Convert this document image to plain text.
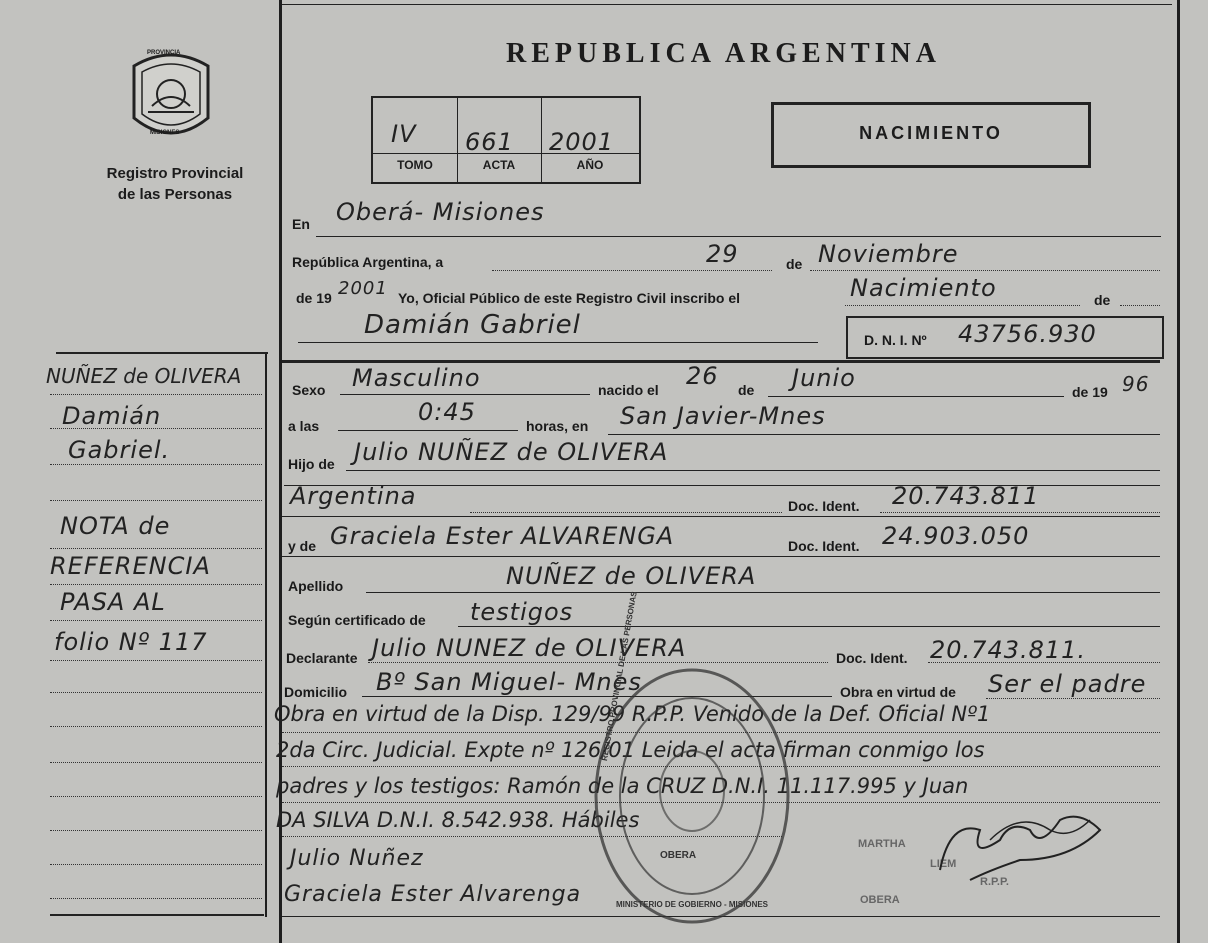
PROVINCIA
MISIONES
Registro Provincial
de las Personas
REPUBLICA ARGENTINA
IV 661 2001
TOMO	ACTA	AÑO
NACIMIENTO
En Oberá- Misiones
República Argentina, a	29	de Noviembre
de 19 2001 Yo, Oficial Público de este Registro Civil inscribo el	Nacimiento	de
Damián Gabriel	D. N. I. Nº 43756.930
Sexo Masculino	nacido el 26 de Junio	de 19 96
a las	0:45	horas, en San Javier-Mnes
Hijo de Julio NUÑEZ de OLIVERA
Argentina	Doc. Ident. 20.743.811
y de Graciela Ester ALVARENGA	Doc. Ident. 24.903.050
Apellido	NUÑEZ de OLIVERA
Según certificado de testigos
Declarante Julio NUNEZ de OLIVERA	Doc. Ident. 20.743.811.
Domicilio Bº San Miguel- Mnes	Obra en virtud de Ser el padre
Obra en virtud de la Disp. 129/99 R.P.P. Venido de la Def. Oficial Nº1
2da Circ. Judicial. Expte nº 126/01 Leida el acta firman conmigo los
padres y los testigos: Ramón de la CRUZ D.N.I. 11.117.995 y Juan
DA SILVA D.N.I. 8.542.938. Hábiles
Julio Nuñez
Graciela Ester Alvarenga
MARTHA
LIEM
R.P.P.
OBERA
OBERA
REGISTRO PROVINCIAL DE LAS PERSONAS
MINISTERIO DE GOBIERNO - MISIONES
NUÑEZ de OLIVERA
Damián
Gabriel.
NOTA de
REFERENCIA
PASA AL
folio Nº 117
